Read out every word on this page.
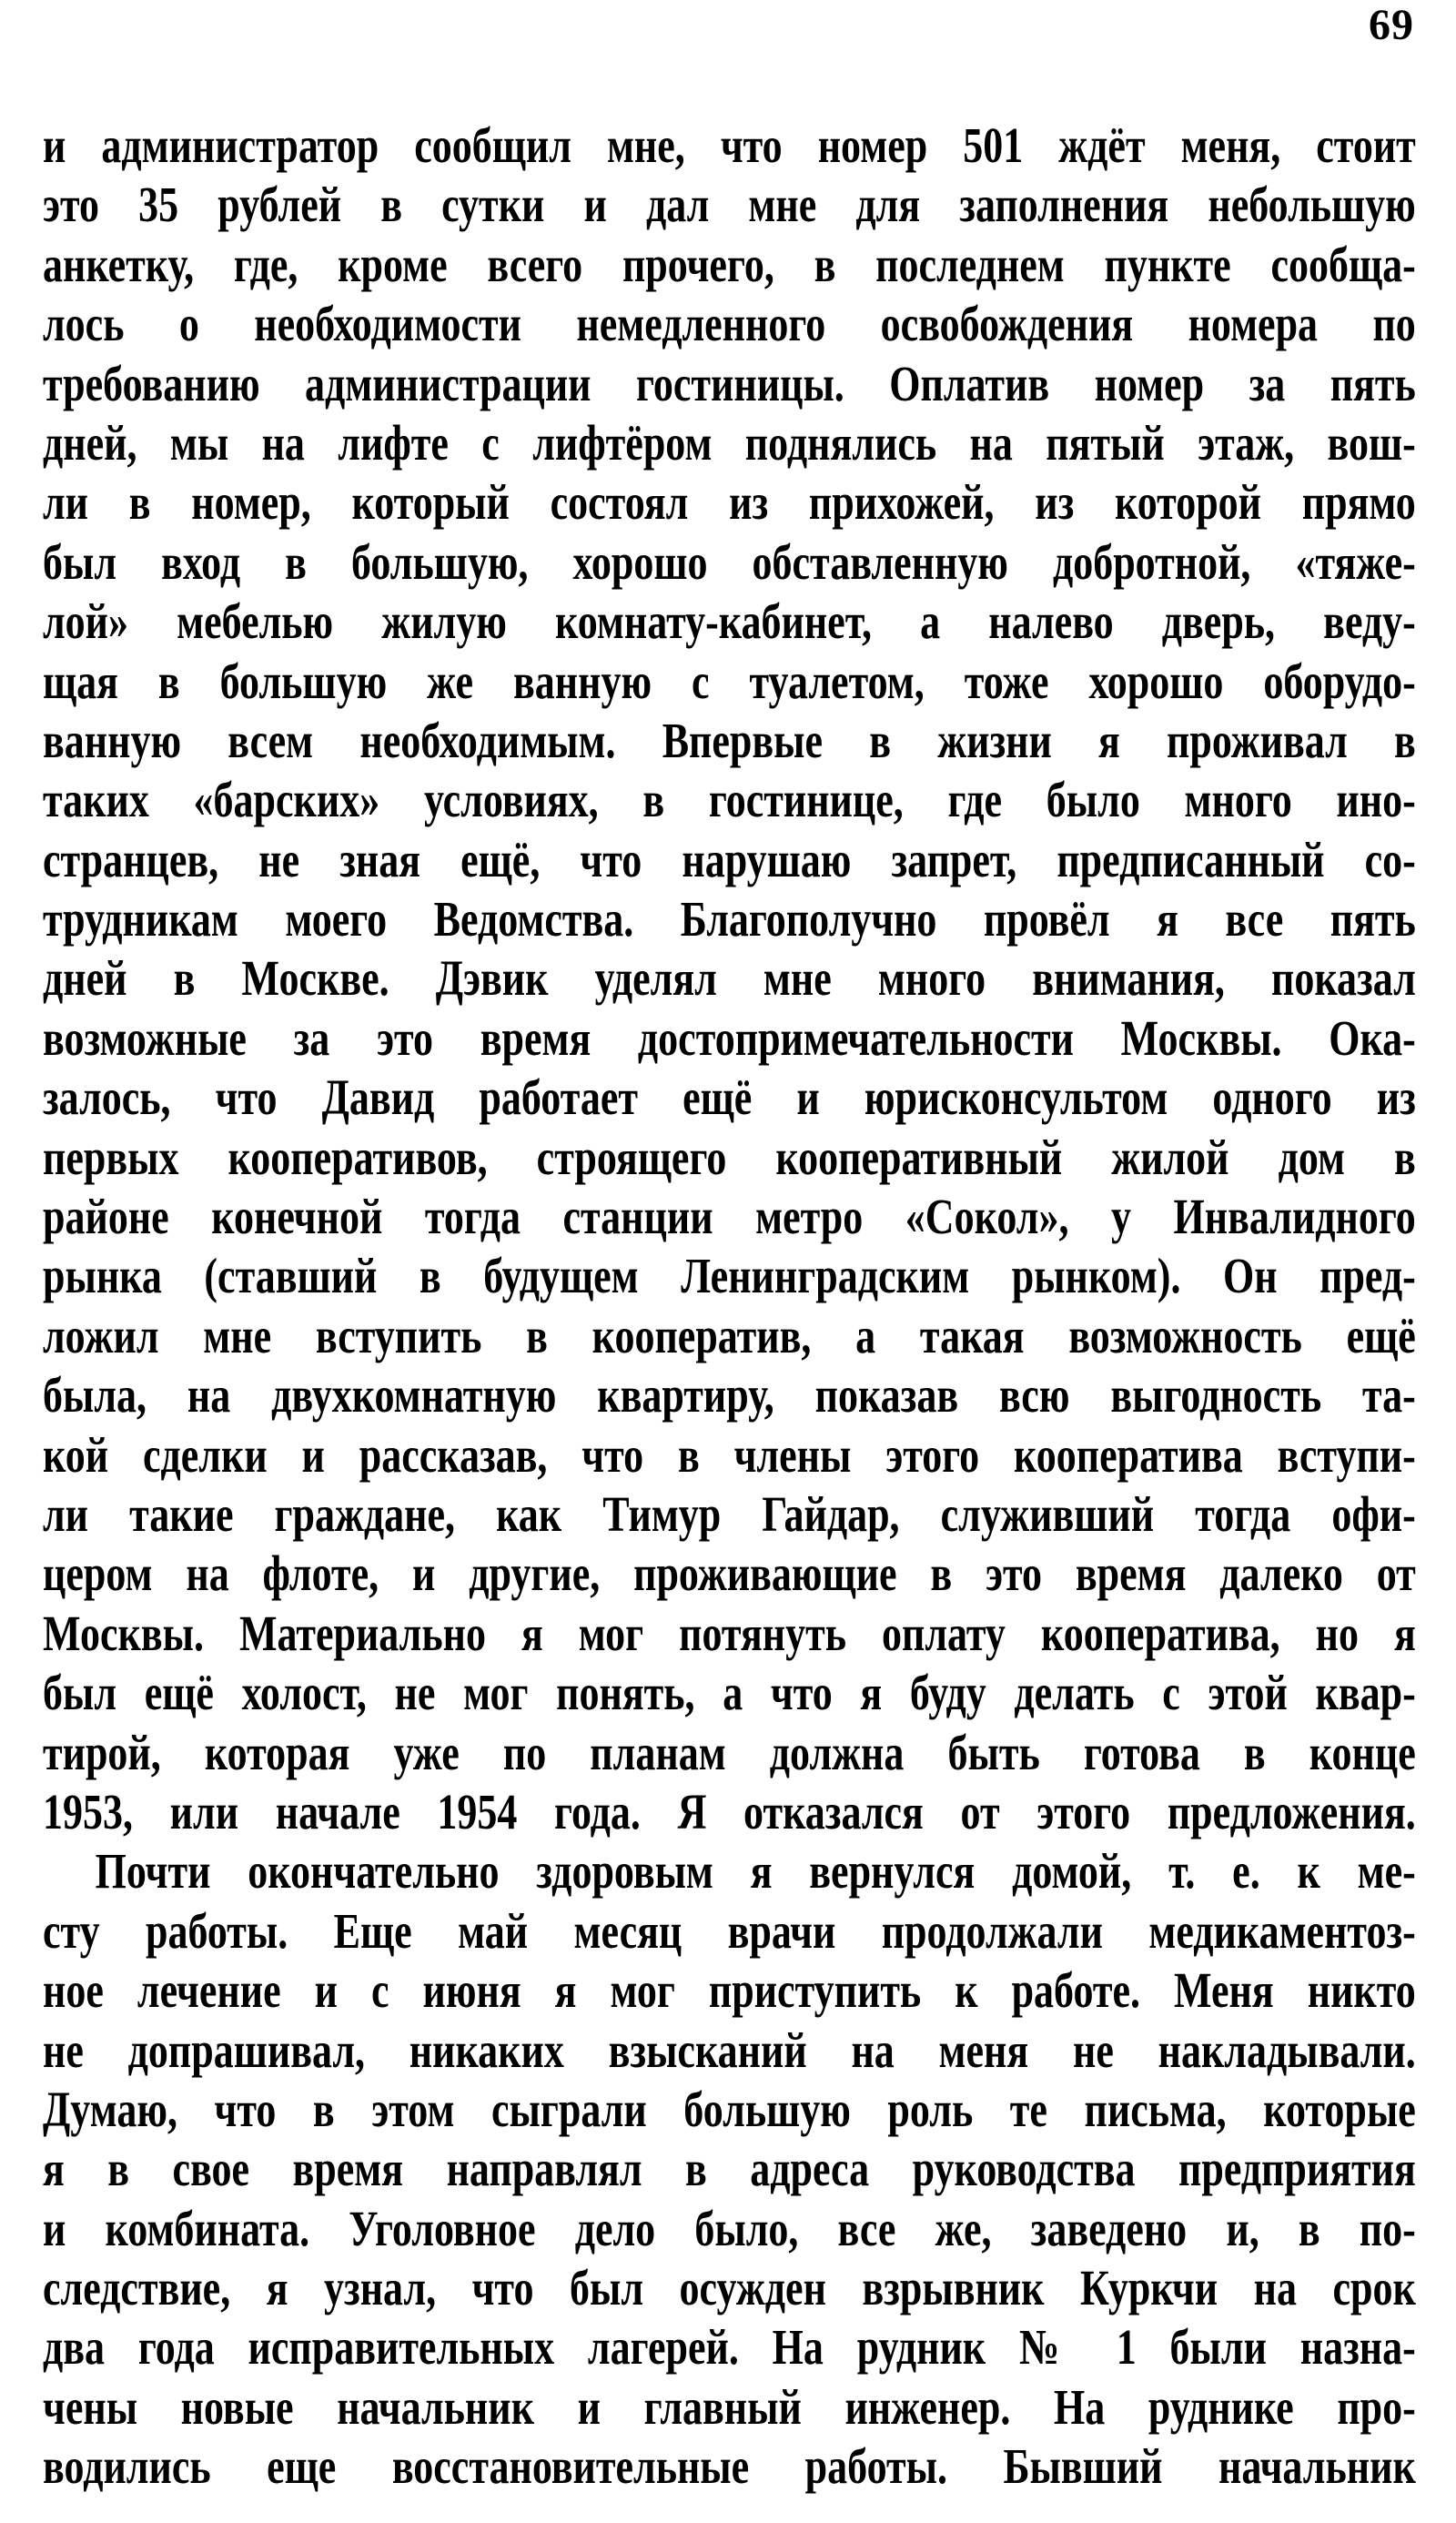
69
и администратор сообщил мне, что номер 501 ждёт меня, стоит
это 35 рублей в сутки и дал мне для заполнения небольшую
анкетку, где, кроме всего прочего, в последнем пункте сообща-
лось о необходимости немедленного освобождения номера по
требованию администрации гостиницы. Оплатив номер за пять
дней, мы на лифте с лифтёром поднялись на пятый этаж, вош-
ли в номер, который состоял из прихожей, из которой прямо
был вход в большую, хорошо обставленную добротной, «тяже-
лой» мебелью жилую комнату-кабинет, а налево дверь, веду-
щая в большую же ванную с туалетом, тоже хорошо оборудо-
ванную всем необходимым. Впервые в жизни я проживал в
таких «барских» условиях, в гостинице, где было много ино-
странцев, не зная ещё, что нарушаю запрет, предписанный со-
трудникам моего Ведомства. Благополучно провёл я все пять
дней в Москве. Дэвик уделял мне много внимания, показал
возможные за это время достопримечательности Москвы. Ока-
залось, что Давид работает ещё и юрисконсультом одного из
первых кооперативов, строящего кооперативный жилой дом в
районе конечной тогда станции метро «Сокол», у Инвалидного
рынка (ставший в будущем Ленинградским рынком). Он пред-
ложил мне вступить в кооператив, а такая возможность ещё
была, на двухкомнатную квартиру, показав всю выгодность та-
кой сделки и рассказав, что в члены этого кооператива вступи-
ли такие граждане, как Тимур Гайдар, служивший тогда офи-
цером на флоте, и другие, проживающие в это время далеко от
Москвы. Материально я мог потянуть оплату кооператива, но я
был ещё холост, не мог понять, а что я буду делать с этой квар-
тирой, которая уже по планам должна быть готова в конце
1953, или начале 1954 года. Я отказался от этого предложения.
Почти окончательно здоровым я вернулся домой, т. е. к ме-
сту работы. Еще май месяц врачи продолжали медикаментоз-
ное лечение и с июня я мог приступить к работе. Меня никто
не допрашивал, никаких взысканий на меня не накладывали.
Думаю, что в этом сыграли большую роль те письма, которые
я в свое время направлял в адреса руководства предприятия
и комбината. Уголовное дело было, все же, заведено и, в по-
следствие, я узнал, что был осужден взрывник Куркчи на срок
два года исправительных лагерей. На рудник № 1 были назна-
чены новые начальник и главный инженер. На руднике про-
водились еще восстановительные работы. Бывший начальник
